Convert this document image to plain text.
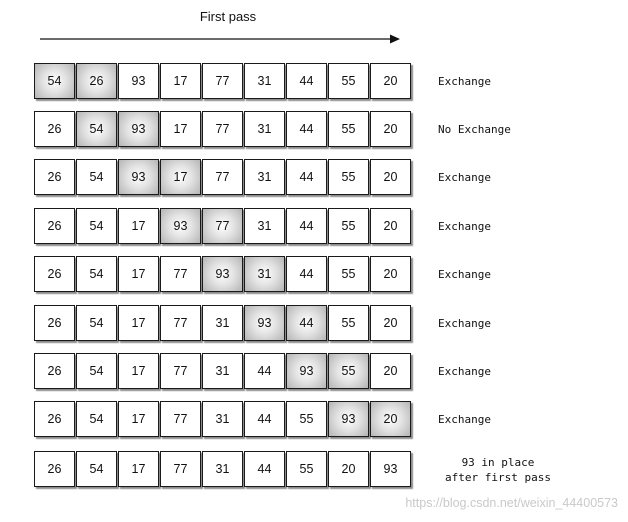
First pass
54	26	93	17	77	31	44	55	20	Exchange
26	54	93	17	77	31	44	55	20	No Exchange
26	54	93	17	77	31	44	55	20	Exchange
26	54	17	93	77	31	44	55	20	Exchange
26	54	17	77	93	31	44	55	20	Exchange
26	54	17	77	31	93	44	55	20	Exchange
26	54	17	77	31	44	93	55	20	Exchange
26	54	17	77	31	44	55	93	20	Exchange
26	54	17	77	31	44	55	20	93	93 in place
after first pass
https://blog.csdn.net/weixin_44400573
